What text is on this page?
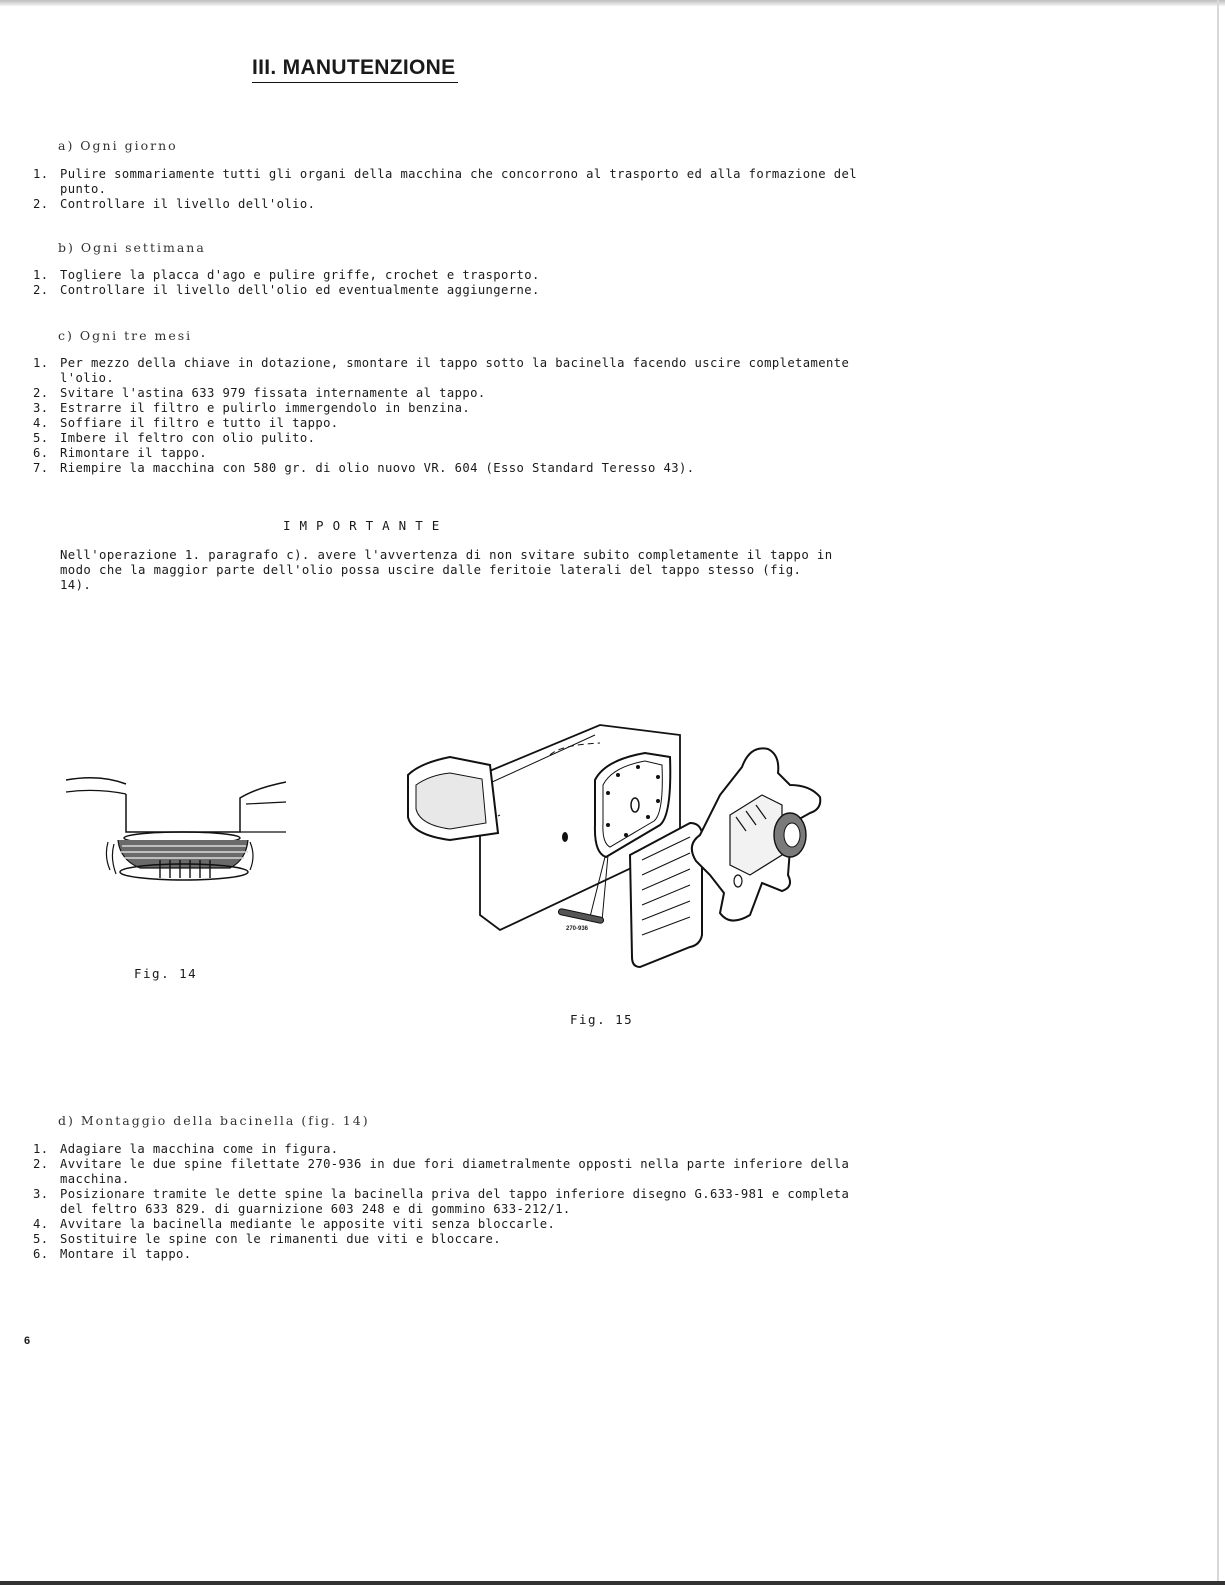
III. MANUTENZIONE
a) Ogni giorno
1. Pulire sommariamente tutti gli organi della macchina che concorrono al trasporto ed alla formazione del punto.
2. Controllare il livello dell'olio.
b) Ogni settimana
1. Togliere la placca d'ago e pulire griffe, crochet e trasporto.
2. Controllare il livello dell'olio ed eventualmente aggiungerne.
c) Ogni tre mesi
1. Per mezzo della chiave in dotazione, smontare il tappo sotto la bacinella facendo uscire completamente l'olio.
2. Svitare l'astina 633 979 fissata internamente al tappo.
3. Estrarre il filtro e pulirlo immergendolo in benzina.
4. Soffiare il filtro e tutto il tappo.
5. Imbere il feltro con olio pulito.
6. Rimontare il tappo.
7. Riempire la macchina con 580 gr. di olio nuovo VR. 604 (Esso Standard Teresso 43).
IMPORTANTE
Nell'operazione 1. paragrafo c). avere l'avvertenza di non svitare subito completamente il tappo in modo che la maggior parte dell'olio possa uscire dalle feritoie laterali del tappo stesso (fig. 14).
Fig. 14
270-936
Fig. 15
d) Montaggio della bacinella (fig. 14)
1. Adagiare la macchina come in figura.
2. Avvitare le due spine filettate 270-936 in due fori diametralmente opposti nella parte inferiore della macchina.
3. Posizionare tramite le dette spine la bacinella priva del tappo inferiore disegno G.633-981 e completa del feltro 633 829. di guarnizione 603 248 e di gommino 633-212/1.
4. Avvitare la bacinella mediante le apposite viti senza bloccarle.
5. Sostituire le spine con le rimanenti due viti e bloccare.
6. Montare il tappo.
6
